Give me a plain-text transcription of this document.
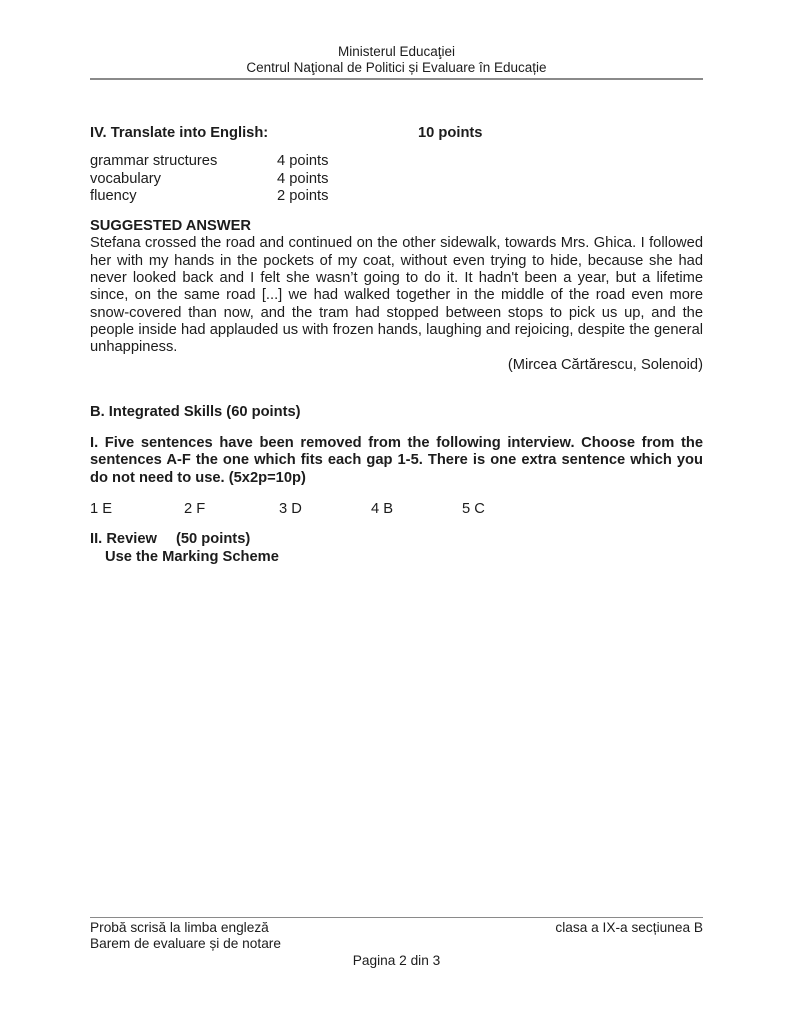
Ministerul Educaţiei
Centrul Naţional de Politici și Evaluare în Educație
IV. Translate into English:	10 points
grammar structures	4 points
vocabulary	4 points
fluency	2 points
SUGGESTED ANSWER
Stefana crossed the road and continued on the other sidewalk, towards Mrs. Ghica. I followed her with my hands in the pockets of my coat, without even trying to hide, because she had never looked back and I felt she wasn’t going to do it. It hadn't been a year, but a lifetime since, on the same road [...] we had walked together in the middle of the road even more snow-covered than now, and the tram had stopped between stops to pick us up, and the people inside had applauded us with frozen hands, laughing and rejoicing, despite the general unhappiness.
(Mircea Cărtărescu, Solenoid)
B. Integrated Skills (60 points)
I. Five sentences have been removed from the following interview. Choose from the sentences A-F the one which fits each gap 1-5. There is one extra sentence which you do not need to use. (5x2p=10p)
1 E	2 F	3 D	4 B	5 C
II. Review (50 points)
Use the Marking Scheme
Probă scrisă la limba engleză	clasa a IX-a secțiunea B
Barem de evaluare și de notare
Pagina 2 din 3
